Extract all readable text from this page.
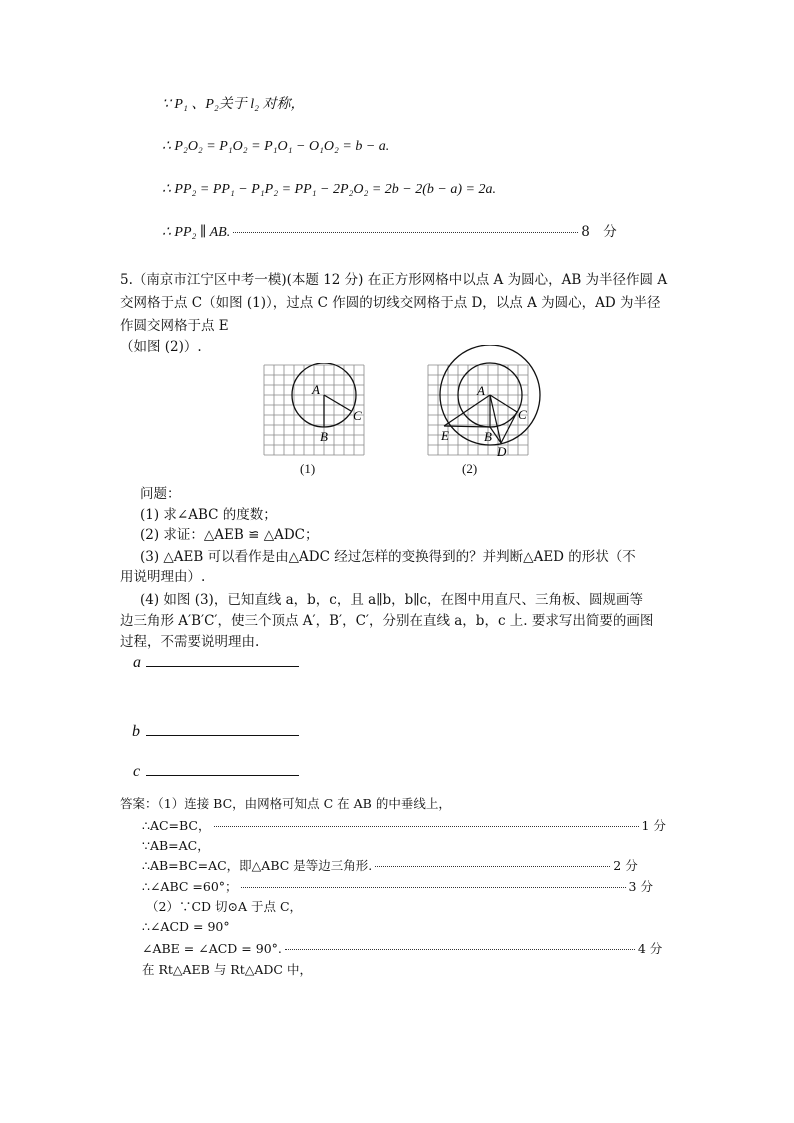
∵ P₁ 、P₂关于 l₂ 对称，
∴ P₂O₂ = P₁O₂ = P₁O₁ − O₁O₂ = b − a.
∴ PP₂ = PP₁ − P₁P₂ = PP₁ − 2P₂O₂ = 2b − 2(b − a) = 2a.
∴ PP₂ ∥ AB.	8　分
5.（南京市江宁区中考一模)(本题 12 分) 在正方形网格中以点 A 为圆心，AB 为半径作圆 A
交网格于点 C（如图 (1)），过点 C 作圆的切线交网格于点 D，以点 A 为圆心，AD 为半径
作圆交网格于点 E
（如图 (2)）.
A
B
C
(1)
A
B
C
D
E
(2)
问题：
(1) 求∠ABC 的度数；
(2) 求证：△AEB ≌ △ADC；
(3) △AEB 可以看作是由△ADC 经过怎样的变换得到的？并判断△AED 的形状（不
用说明理由）.
(4) 如图 (3)，已知直线 a，b，c，且 a∥b，b∥c，在图中用直尺、三角板、圆规画等
边三角形 A′B′C′，使三个顶点 A′，B′，C′，分别在直线 a，b，c 上. 要求写出简要的画图
过程，不需要说明理由.
a
b
c
答案：（1）连接 BC，由网格可知点 C 在 AB 的中垂线上，
∴AC=BC，	1 分
∵AB=AC，
∴AB=BC=AC，即△ABC 是等边三角形.	2 分
∴∠ABC =60°；	3 分
（2）∵CD 切⊙A 于点 C，
∴∠ACD = 90°
∠ABE = ∠ACD = 90°.	4 分
在 Rt△AEB 与 Rt△ADC 中，
